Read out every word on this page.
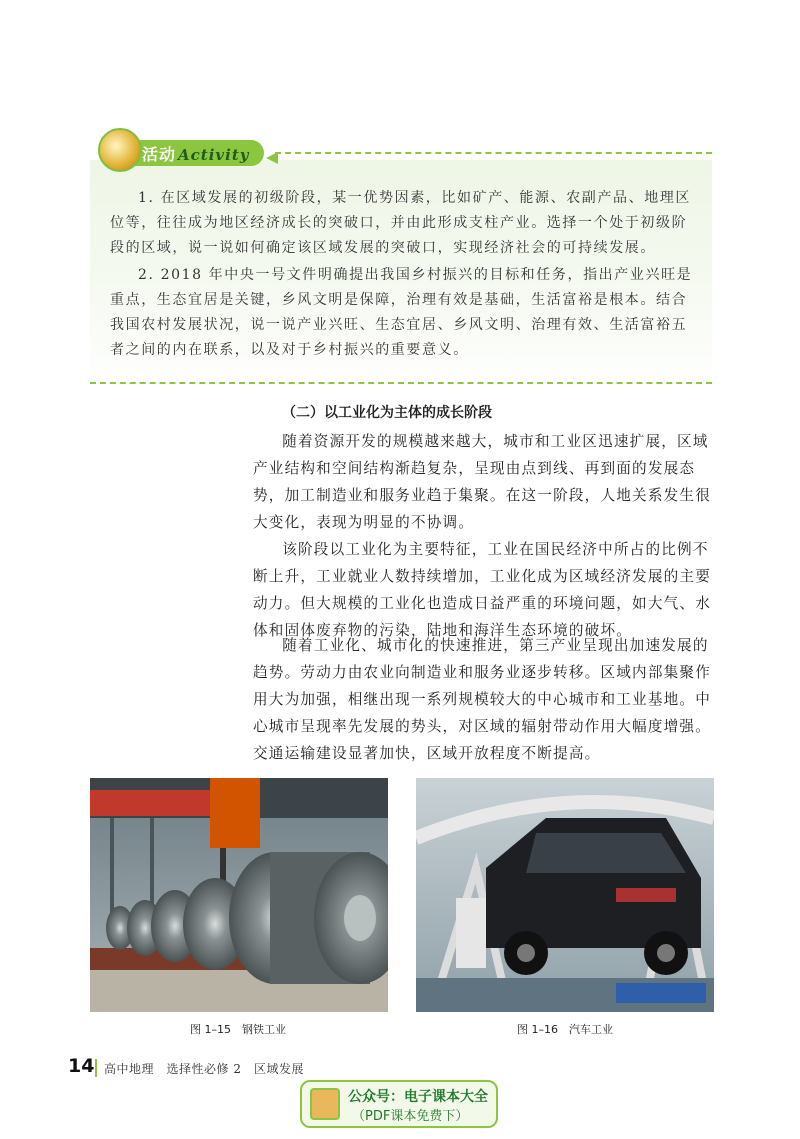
活动 Activity
1. 在区域发展的初级阶段，某一优势因素，比如矿产、能源、农副产品、地理区位等，往往成为地区经济成长的突破口，并由此形成支柱产业。选择一个处于初级阶段的区域，说一说如何确定该区域发展的突破口，实现经济社会的可持续发展。
2. 2018 年中央一号文件明确提出我国乡村振兴的目标和任务，指出产业兴旺是重点，生态宜居是关键，乡风文明是保障，治理有效是基础，生活富裕是根本。结合我国农村发展状况，说一说产业兴旺、生态宜居、乡风文明、治理有效、生活富裕五者之间的内在联系，以及对于乡村振兴的重要意义。
（二）以工业化为主体的成长阶段
随着资源开发的规模越来越大，城市和工业区迅速扩展，区域产业结构和空间结构渐趋复杂，呈现由点到线、再到面的发展态势，加工制造业和服务业趋于集聚。在这一阶段，人地关系发生很大变化，表现为明显的不协调。
该阶段以工业化为主要特征，工业在国民经济中所占的比例不断上升，工业就业人数持续增加，工业化成为区域经济发展的主要动力。但大规模的工业化也造成日益严重的环境问题，如大气、水体和固体废弃物的污染，陆地和海洋生态环境的破坏。
随着工业化、城市化的快速推进，第三产业呈现出加速发展的趋势。劳动力由农业向制造业和服务业逐步转移。区域内部集聚作用大为加强，相继出现一系列规模较大的中心城市和工业基地。中心城市呈现率先发展的势头，对区域的辐射带动作用大幅度增强。交通运输建设显著加快，区域开放程度不断提高。
图 1–15　钢铁工业	图 1–16　汽车工业
14 高中地理　选择性必修 2　区域发展
公众号：电子课本大全
（PDF课本免费下）
